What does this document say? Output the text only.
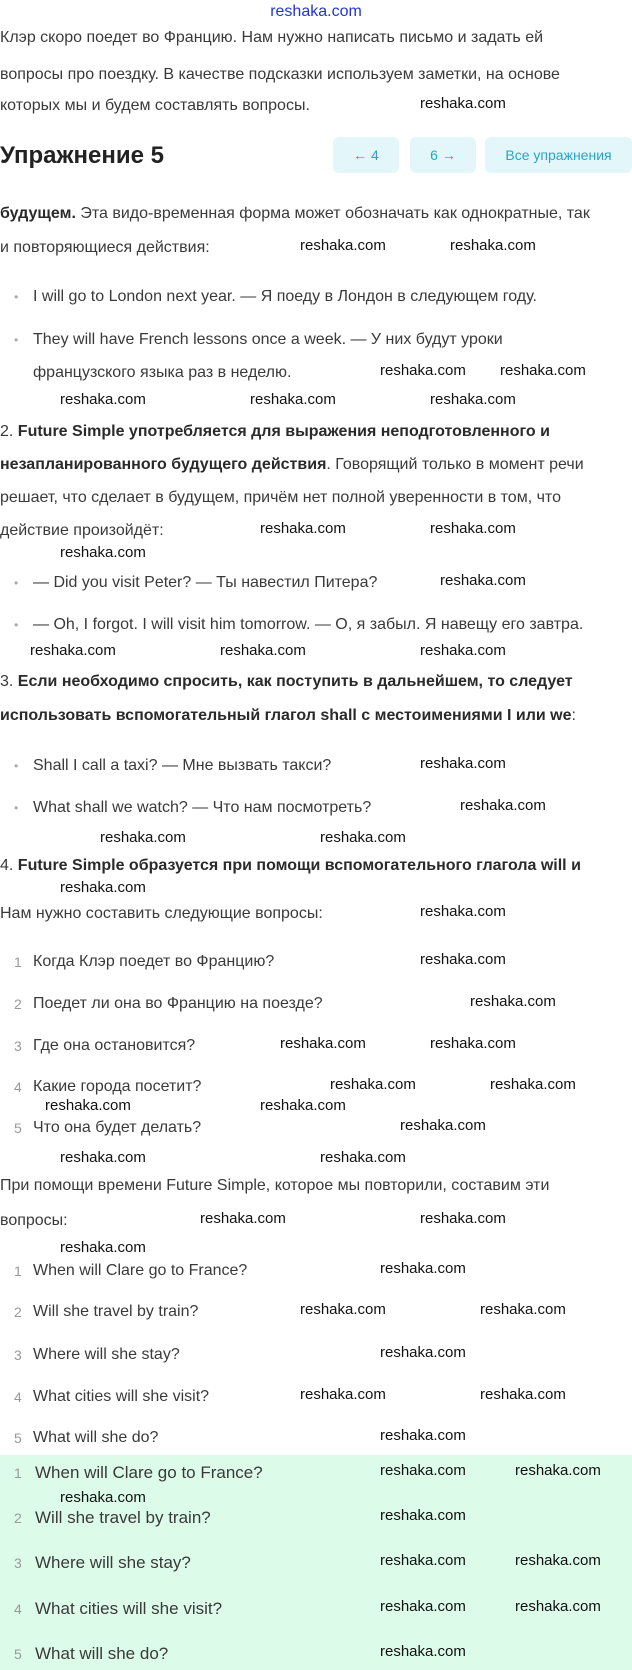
reshaka.com
Клэр скоро поедет во Францию. Нам нужно написать письмо и задать ей
вопросы про поездку. В качестве подсказки используем заметки, на основе
которых мы и будем составлять вопросы.
Упражнение 5	← 4	6 →	Все упражнения
будущем. Эта видо-временная форма может обозначать как однократные, так
и повторяющиеся действия:
• I will go to London next year. — Я поеду в Лондон в следующем году.
• They will have French lessons once a week. — У них будут уроки
французского языка раз в неделю.
2. Future Simple употребляется для выражения неподготовленного и
незапланированного будущего действия. Говорящий только в момент речи
решает, что сделает в будущем, причём нет полной уверенности в том, что
действие произойдёт:
• — Did you visit Peter? — Ты навестил Питера?
• — Oh, I forgot. I will visit him tomorrow. — О, я забыл. Я навещу его завтра.
3. Если необходимо спросить, как поступить в дальнейшем, то следует
использовать вспомогательный глагол shall с местоимениями I или we:
• Shall I call a taxi? — Мне вызвать такси?
• What shall we watch? — Что нам посмотреть?
4. Future Simple образуется при помощи вспомогательного глагола will и
Нам нужно составить следующие вопросы:
1 Когда Клэр поедет во Францию?
2 Поедет ли она во Францию на поезде?
3 Где она остановится?
4 Какие города посетит?
5 Что она будет делать?
При помощи времени Future Simple, которое мы повторили, составим эти
вопросы:
1 When will Clare go to France?
2 Will she travel by train?
3 Where will she stay?
4 What cities will she visit?
5 What will she do?
1 When will Clare go to France?
2 Will she travel by train?
3 Where will she stay?
4 What cities will she visit?
5 What will she do?
reshaka.com
reshaka.com	reshaka.com
reshaka.com reshaka.com
reshaka.com	reshaka.com	reshaka.com
reshaka.com	reshaka.com
reshaka.com
reshaka.com
reshaka.com	reshaka.com	reshaka.com
reshaka.com
reshaka.com
reshaka.com	reshaka.com
reshaka.com
reshaka.com
reshaka.com
reshaka.com
reshaka.com	reshaka.com
reshaka.com	reshaka.com
reshaka.com	reshaka.com
reshaka.com
reshaka.com	reshaka.com
reshaka.com	reshaka.com
reshaka.com
reshaka.com
reshaka.com	reshaka.com
reshaka.com
reshaka.com	reshaka.com
reshaka.com
reshaka.com
reshaka.com	reshaka.com
reshaka.com
reshaka.com	reshaka.com
reshaka.com	reshaka.com
reshaka.com
